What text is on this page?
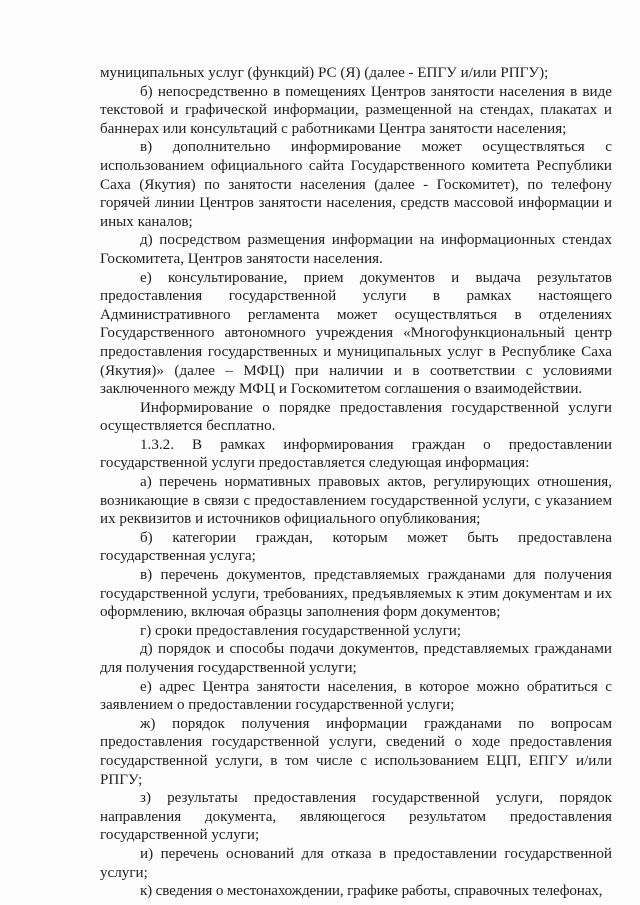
муниципальных услуг (функций) РС (Я) (далее - ЕПГУ и/или РПГУ);

б) непосредственно в помещениях Центров занятости населения в виде текстовой и графической информации, размещенной на стендах, плакатах и баннерах или консультаций с работниками Центра занятости населения;

в) дополнительно информирование может осуществляться с использованием официального сайта Государственного комитета Республики Саха (Якутия) по занятости населения (далее - Госкомитет), по телефону горячей линии Центров занятости населения, средств массовой информации и иных каналов;

д) посредством размещения информации на информационных стендах Госкомитета, Центров занятости населения.

е) консультирование, прием документов и выдача результатов предоставления государственной услуги в рамках настоящего Административного регламента может осуществляться в отделениях Государственного автономного учреждения «Многофункциональный центр предоставления государственных и муниципальных услуг в Республике Саха (Якутия)» (далее – МФЦ) при наличии и в соответствии с условиями заключенного между МФЦ и Госкомитетом соглашения о взаимодействии.

Информирование о порядке предоставления государственной услуги осуществляется бесплатно.

1.3.2. В рамках информирования граждан о предоставлении государственной услуги предоставляется следующая информация:

а) перечень нормативных правовых актов, регулирующих отношения, возникающие в связи с предоставлением государственной услуги, с указанием их реквизитов и источников официального опубликования;

б) категории граждан, которым может быть предоставлена государственная услуга;

в) перечень документов, представляемых гражданами для получения государственной услуги, требованиях, предъявляемых к этим документам и их оформлению, включая образцы заполнения форм документов;

г) сроки предоставления государственной услуги;

д) порядок и способы подачи документов, представляемых гражданами для получения государственной услуги;

е) адрес Центра занятости населения, в которое можно обратиться с заявлением о предоставлении государственной услуги;

ж) порядок получения информации гражданами по вопросам предоставления государственной услуги, сведений о ходе предоставления государственной услуги, в том числе с использованием ЕЦП, ЕПГУ и/или РПГУ;

з) результаты предоставления государственной услуги, порядок направления документа, являющегося результатом предоставления государственной услуги;

и) перечень оснований для отказа в предоставлении государственной услуги;

к) сведения о местонахождении, графике работы, справочных телефонах,
